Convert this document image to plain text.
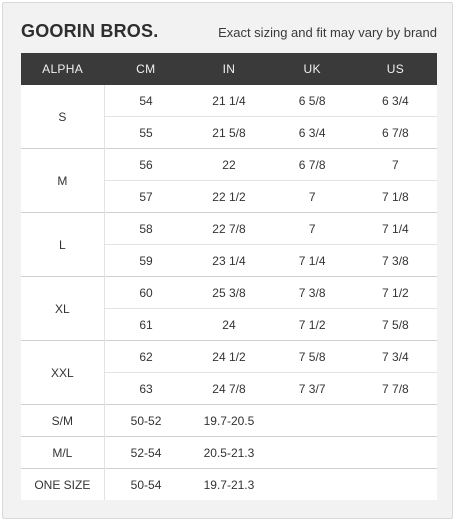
GOORIN BROS.	Exact sizing and fit may vary by brand
ALPHA	CM	IN	UK	US
S	54	21 1/4	6 5/8	6 3/4
	55	21 5/8	6 3/4	6 7/8
M	56	22	6 7/8	7
	57	22 1/2	7	7 1/8
L	58	22 7/8	7	7 1/4
	59	23 1/4	7 1/4	7 3/8
XL	60	25 3/8	7 3/8	7 1/2
	61	24	7 1/2	7 5/8
XXL	62	24 1/2	7 5/8	7 3/4
	63	24 7/8	7 3/7	7 7/8
S/M	50-52	19.7-20.5		
M/L	52-54	20.5-21.3		
ONE SIZE	50-54	19.7-21.3		
